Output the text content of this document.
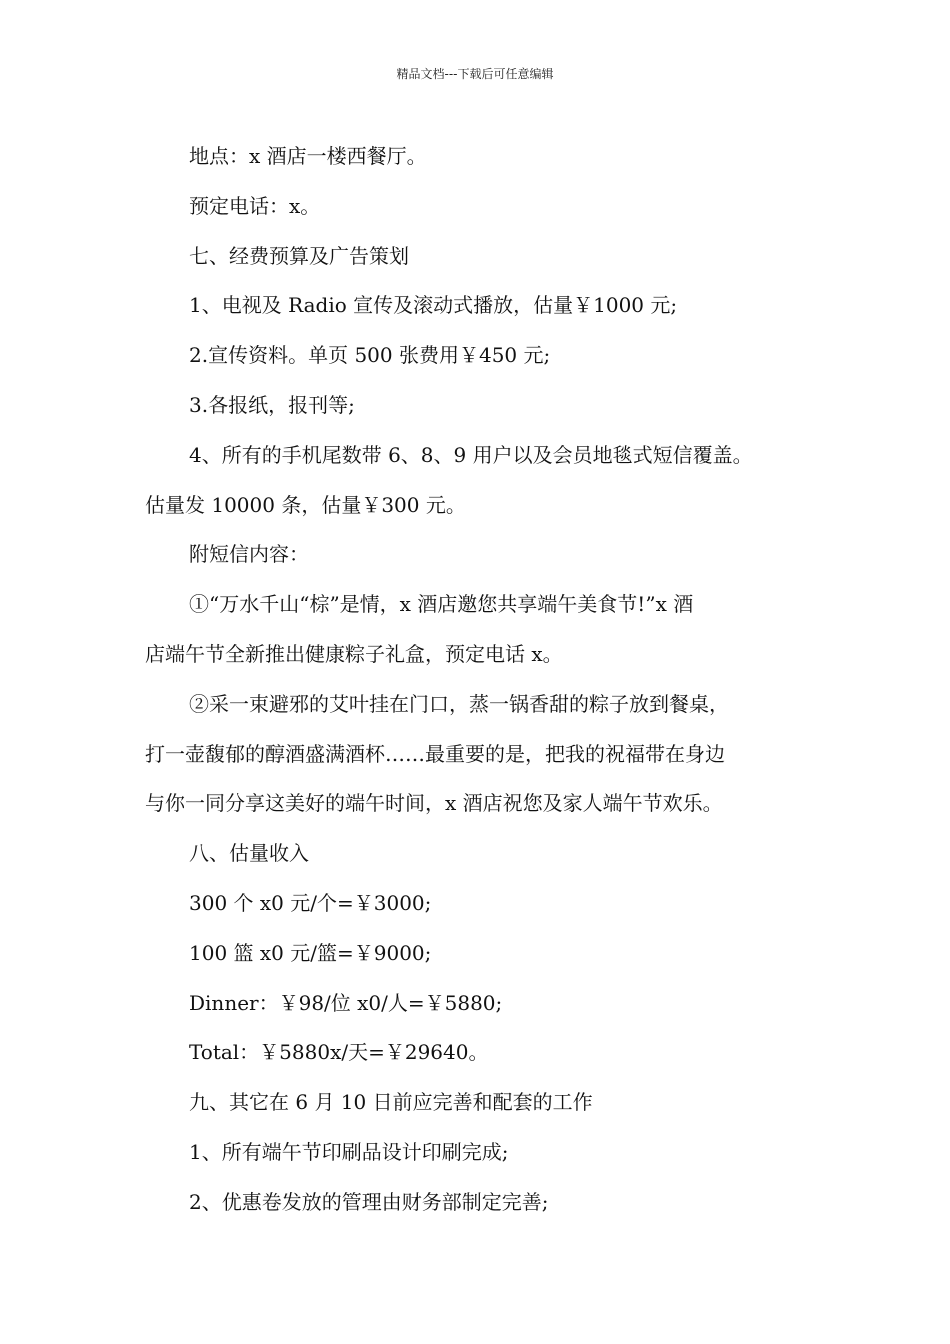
精品文档---下载后可任意编辑
地点：x 酒店一楼西餐厅。
预定电话：x。
七、经费预算及广告策划
1、电视及 Radio 宣传及滚动式播放，估量￥1000 元;
2.宣传资料。单页 500 张费用￥450 元;
3.各报纸，报刊等;
4、所有的手机尾数带 6、8、9 用户以及会员地毯式短信覆盖。
估量发 10000 条，估量￥300 元。
附短信内容：
①“万水千山“棕”是情，x 酒店邀您共享端午美食节!”x 酒
店端午节全新推出健康粽子礼盒，预定电话 x。
②采一束避邪的艾叶挂在门口，蒸一锅香甜的粽子放到餐桌，
打一壶馥郁的醇酒盛满酒杯……最重要的是，把我的祝福带在身边
与你一同分享这美好的端午时间，x 酒店祝您及家人端午节欢乐。
八、估量收入
300 个 x0 元/个=￥3000;
100 篮 x0 元/篮=￥9000;
Dinner：￥98/位 x0/人=￥5880;
Total：￥5880x/天=￥29640。
九、其它在 6 月 10 日前应完善和配套的工作
1、所有端午节印刷品设计印刷完成;
2、优惠卷发放的管理由财务部制定完善;
